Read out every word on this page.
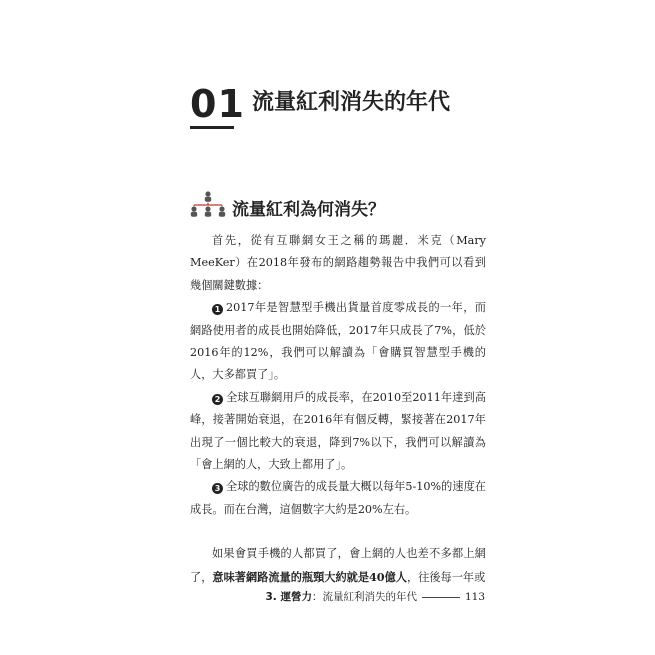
01 流量紅利消失的年代
流量紅利為何消失？

首先，從有互聯網女王之稱的瑪麗．米克（Mary MeeKer）在2018年發布的網路趨勢報告中我們可以看到幾個關鍵數據：

1 2017年是智慧型手機出貨量首度零成長的一年，而網路使用者的成長也開始降低，2017年只成長了7%，低於2016年的12%，我們可以解讀為「會購買智慧型手機的人，大多都買了」。

2 全球互聯網用戶的成長率，在2010至2011年達到高峰，接著開始衰退，在2016年有個反轉，緊接著在2017年出現了一個比較大的衰退，降到7%以下，我們可以解讀為「會上網的人，大致上都用了」。

3 全球的數位廣告的成長量大概以每年5-10%的速度在成長。而在台灣，這個數字大約是20%左右。

如果會買手機的人都買了，會上網的人也差不多都上網了，意味著網路流量的瓶頸大約就是40億人，往後每一年或

3. 運營力 ： 流量紅利消失的年代	113
